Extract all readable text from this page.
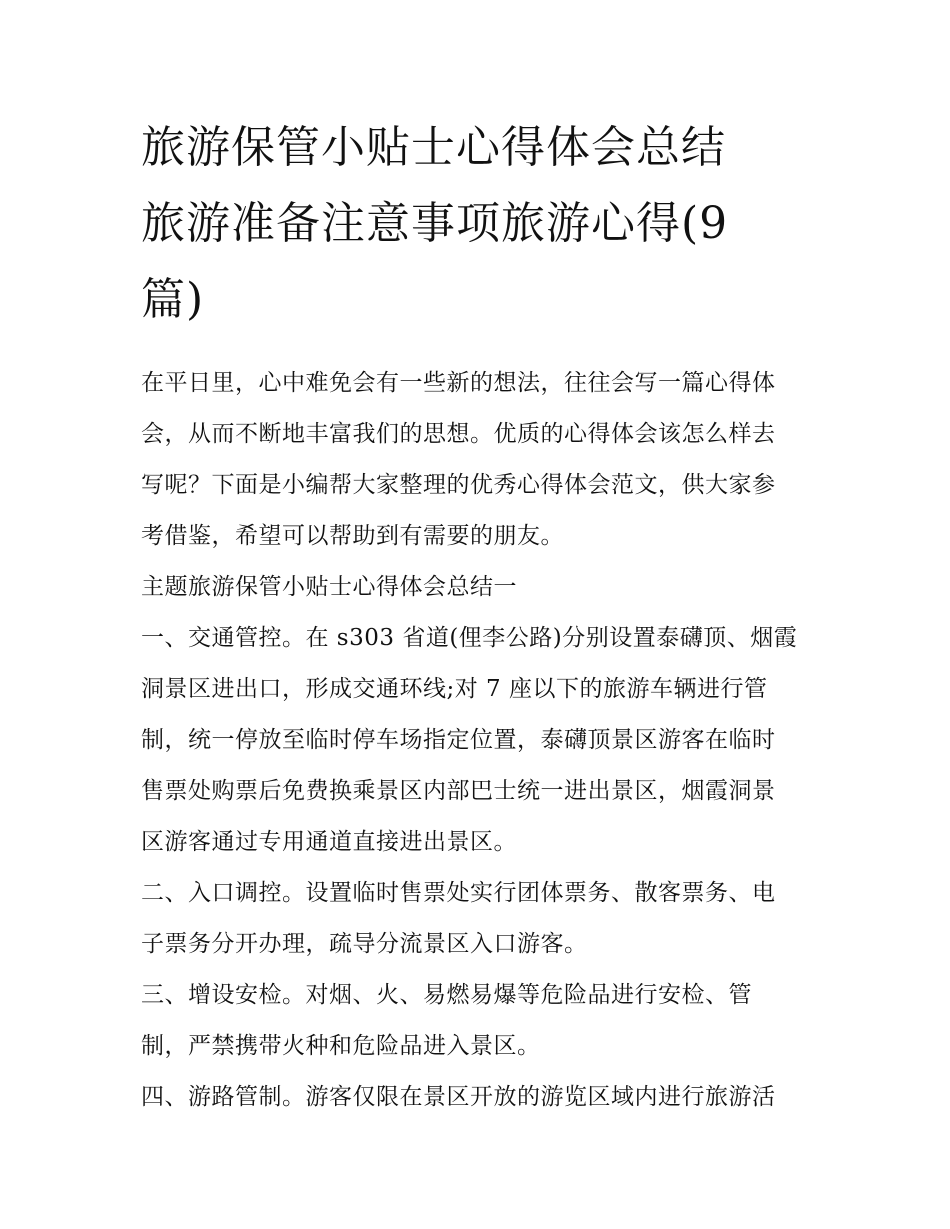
旅游保管小贴士心得体会总结
旅游准备注意事项旅游心得(9
篇)

在平日里，心中难免会有一些新的想法，往往会写一篇心得体
会，从而不断地丰富我们的思想。优质的心得体会该怎么样去
写呢？下面是小编帮大家整理的优秀心得体会范文，供大家参
考借鉴，希望可以帮助到有需要的朋友。

主题旅游保管小贴士心得体会总结一

一、交通管控。在 s303 省道(俚李公路)分别设置泰礴顶、烟霞
洞景区进出口，形成交通环线;对 7 座以下的旅游车辆进行管
制，统一停放至临时停车场指定位置，泰礴顶景区游客在临时
售票处购票后免费换乘景区内部巴士统一进出景区，烟霞洞景
区游客通过专用通道直接进出景区。

二、入口调控。设置临时售票处实行团体票务、散客票务、电
子票务分开办理，疏导分流景区入口游客。

三、增设安检。对烟、火、易燃易爆等危险品进行安检、管
制，严禁携带火种和危险品进入景区。

四、游路管制。游客仅限在景区开放的游览区域内进行旅游活
